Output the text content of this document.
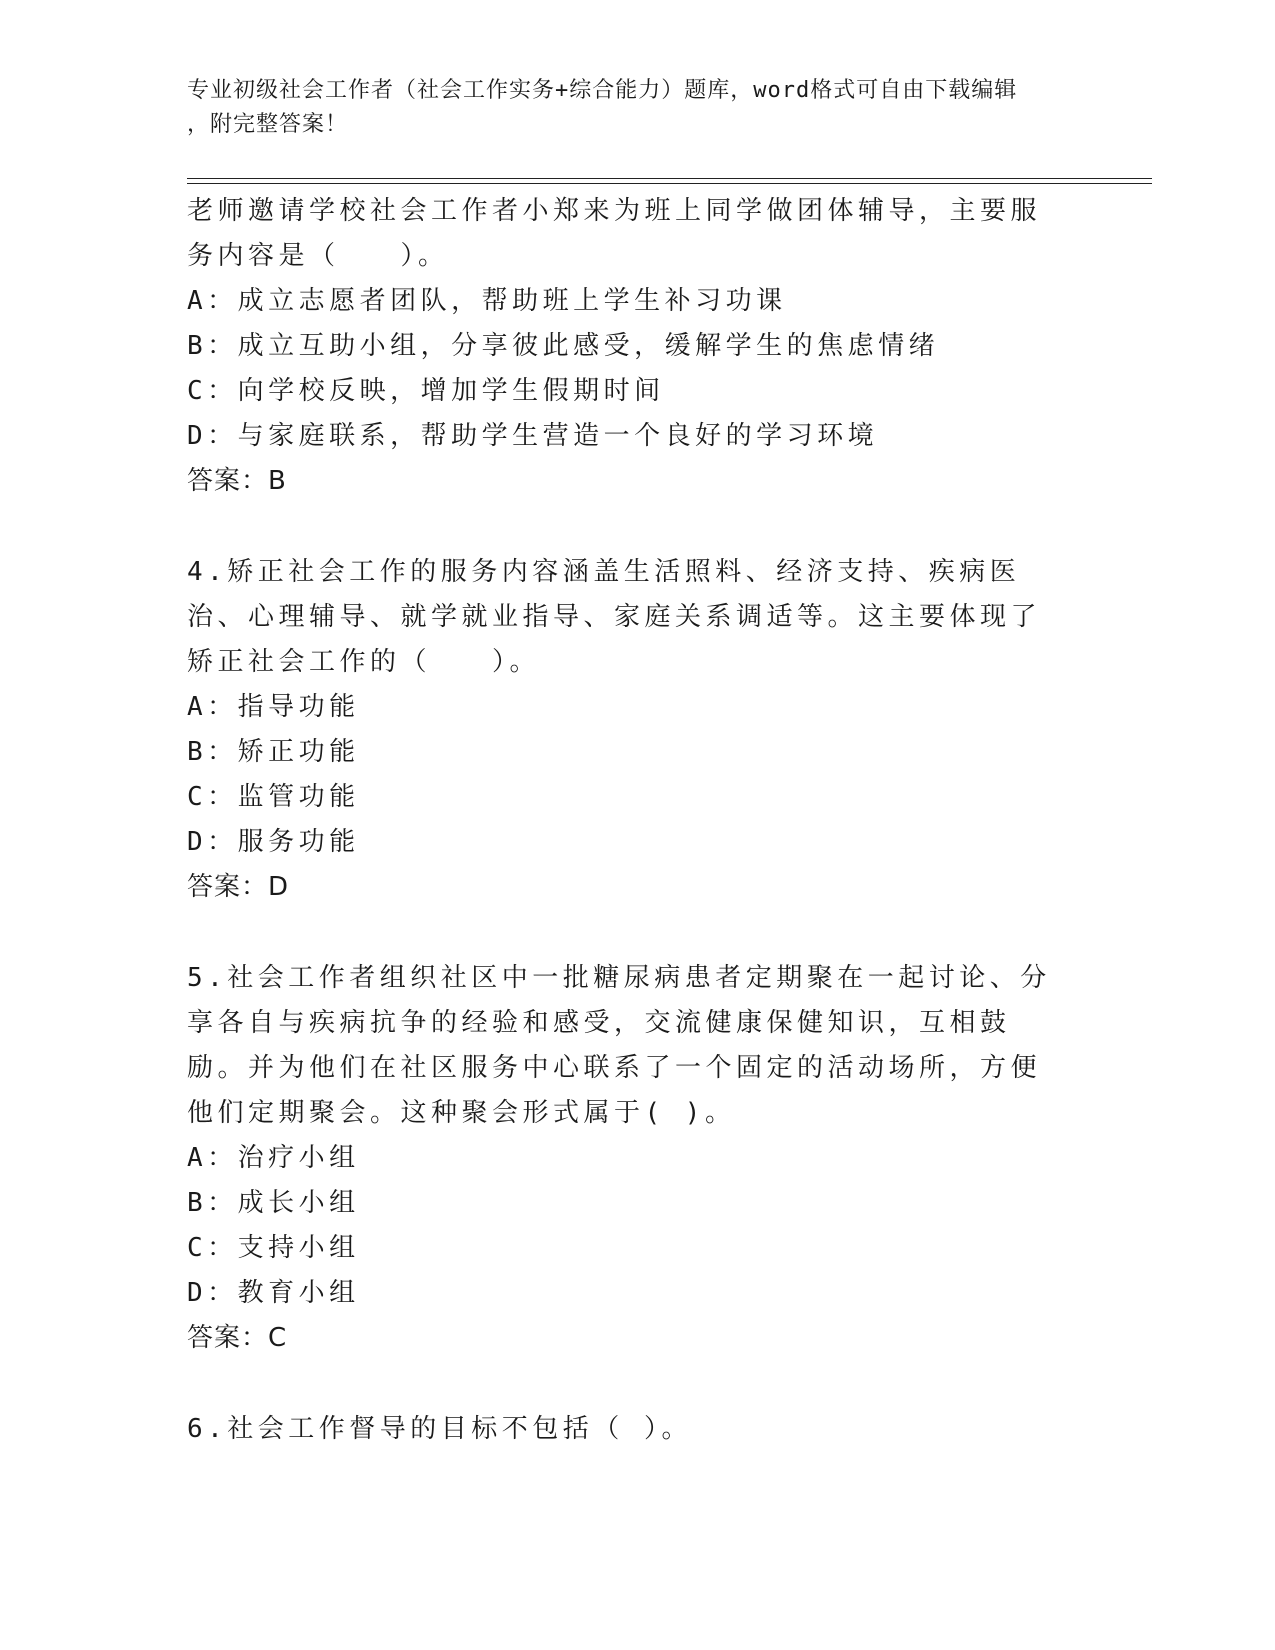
专业初级社会工作者（社会工作实务+综合能力）题库，word格式可自由下载编辑
，附完整答案！

老师邀请学校社会工作者小郑来为班上同学做团体辅导，主要服务内容是（　　）。

A：成立志愿者团队，帮助班上学生补习功课

B：成立互助小组，分享彼此感受，缓解学生的焦虑情绪

C：向学校反映，增加学生假期时间

D：与家庭联系，帮助学生营造一个良好的学习环境

答案：B

4.矫正社会工作的服务内容涵盖生活照料、经济支持、疾病医治、心理辅导、就学就业指导、家庭关系调适等。这主要体现了矫正社会工作的（　　）。

A：指导功能

B：矫正功能

C：监管功能

D：服务功能

答案：D

5.社会工作者组织社区中一批糖尿病患者定期聚在一起讨论、分享各自与疾病抗争的经验和感受，交流健康保健知识，互相鼓励。并为他们在社区服务中心联系了一个固定的活动场所，方便他们定期聚会。这种聚会形式属于( )。

A：治疗小组

B：成长小组

C：支持小组

D：教育小组

答案：C

6.社会工作督导的目标不包括（ ）。
